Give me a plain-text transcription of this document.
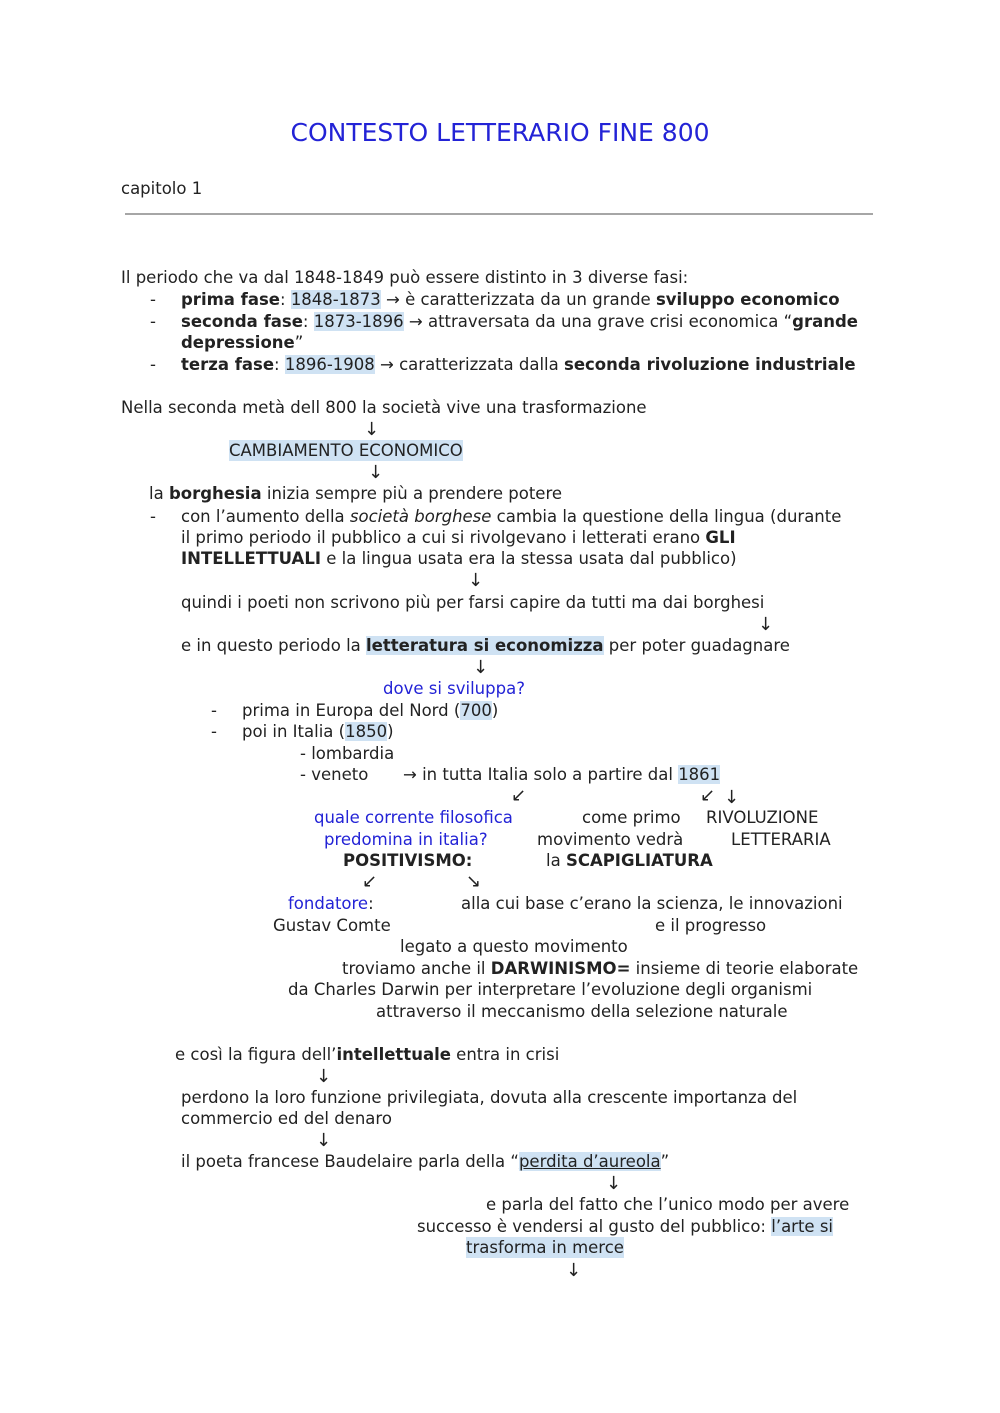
CONTESTO LETTERARIO FINE 800
capitolo 1
Il periodo che va dal 1848-1849 può essere distinto in 3 diverse fasi:
- prima fase: 1848-1873 → è caratterizzata da un grande sviluppo economico
- seconda fase: 1873-1896 → attraversata da una grave crisi economica “grande
depressione”
- terza fase: 1896-1908 → caratterizzata dalla seconda rivoluzione industriale
Nella seconda metà dell 800 la società vive una trasformazione
↓
CAMBIAMENTO ECONOMICO
↓
la borghesia inizia sempre più a prendere potere
- con l’aumento della società borghese cambia la questione della lingua (durante
il primo periodo il pubblico a cui si rivolgevano i letterati erano GLI
INTELLETTUALI e la lingua usata era la stessa usata dal pubblico)
↓
quindi i poeti non scrivono più per farsi capire da tutti ma dai borghesi
↓
e in questo periodo la letteratura si economizza per poter guadagnare
↓
dove si sviluppa?
- prima in Europa del Nord (700)
- poi in Italia (1850)
- lombardia
- veneto → in tutta Italia solo a partire dal 1861
↙	↙ ↓
quale corrente filosofica
predomina in italia?
POSITIVISMO:
come primo
movimento vedrà
la SCAPIGLIATURA
RIVOLUZIONE
LETTERARIA
↙	↘
fondatore:
Gustav Comte
alla cui base c’erano la scienza, le innovazioni
e il progresso
legato a questo movimento
troviamo anche il DARWINISMO= insieme di teorie elaborate
da Charles Darwin per interpretare l’evoluzione degli organismi
attraverso il meccanismo della selezione naturale
e così la figura dell’intellettuale entra in crisi
↓
perdono la loro funzione privilegiata, dovuta alla crescente importanza del
commercio ed del denaro
↓
il poeta francese Baudelaire parla della “perdita d’aureola”
↓
e parla del fatto che l’unico modo per avere
successo è vendersi al gusto del pubblico: l’arte si
trasforma in merce
↓
